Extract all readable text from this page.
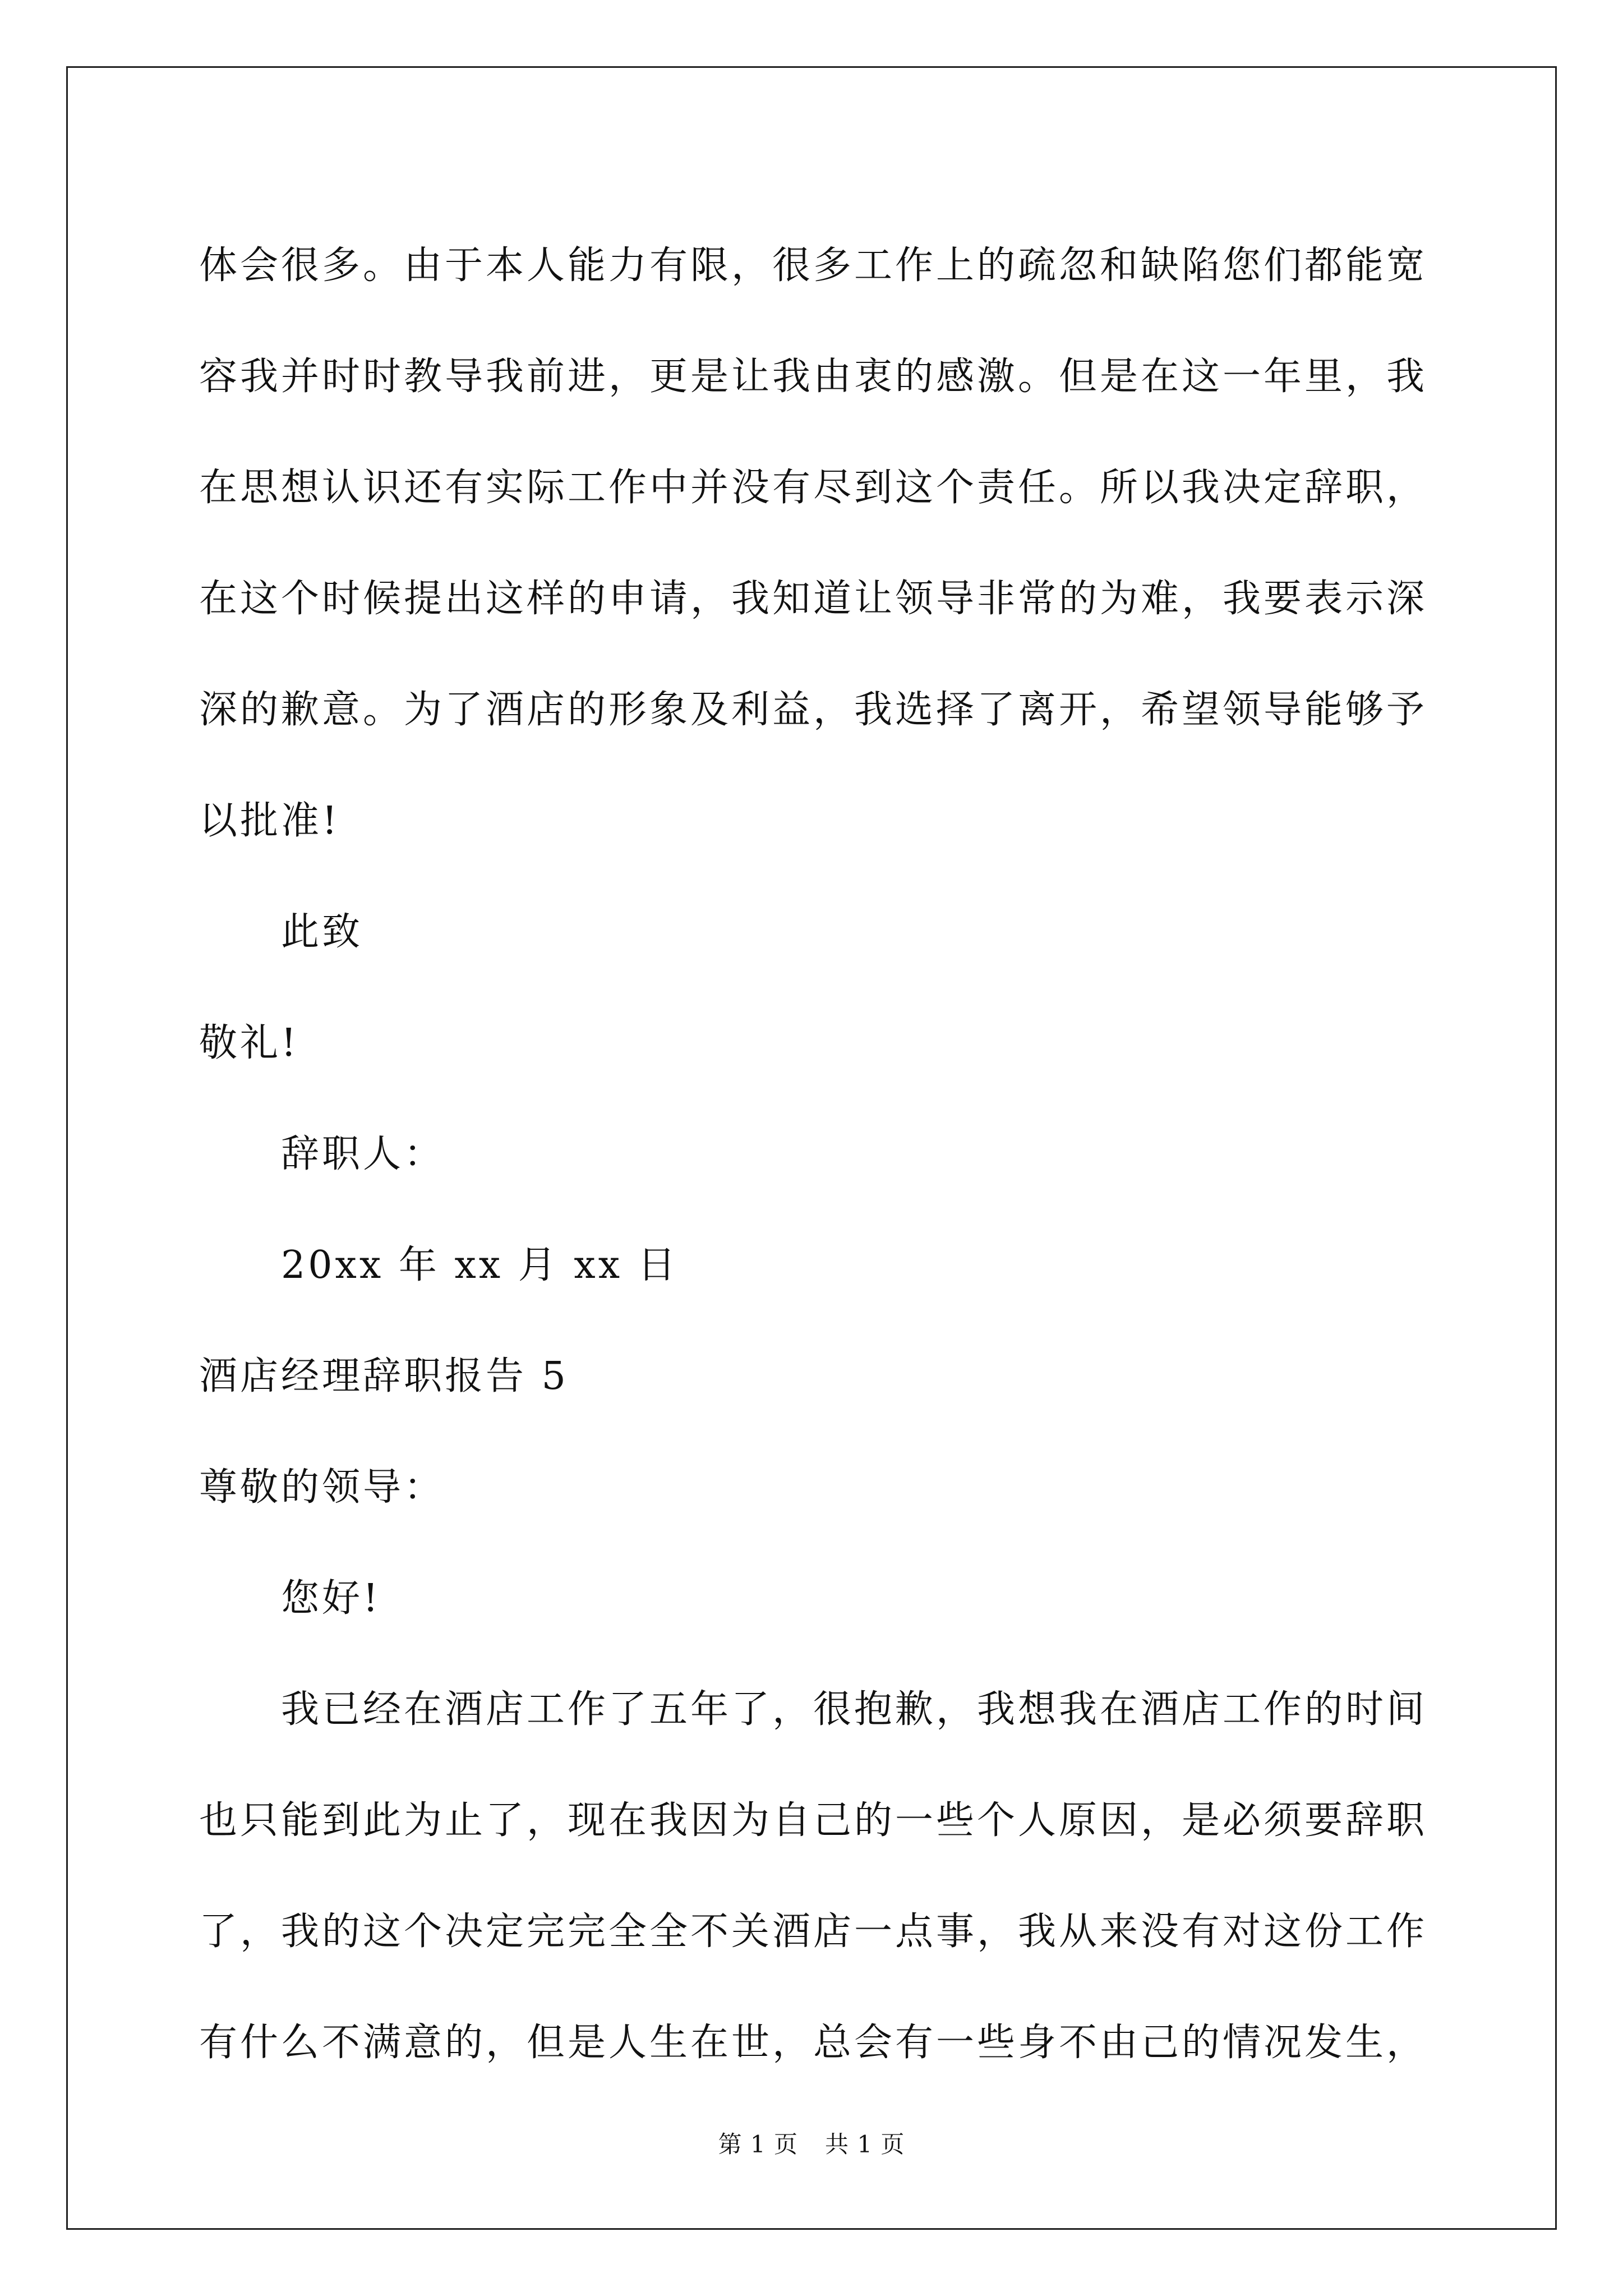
体会很多。由于本人能力有限，很多工作上的疏忽和缺陷您们都能宽
容我并时时教导我前进，更是让我由衷的感激。但是在这一年里，我
在思想认识还有实际工作中并没有尽到这个责任。所以我决定辞职，
在这个时候提出这样的申请，我知道让领导非常的为难，我要表示深
深的歉意。为了酒店的形象及利益，我选择了离开，希望领导能够予
以批准!
此致
敬礼!
辞职人：
20xx 年 xx 月 xx 日
酒店经理辞职报告 5
尊敬的领导：
您好!
我已经在酒店工作了五年了，很抱歉，我想我在酒店工作的时间
也只能到此为止了，现在我因为自己的一些个人原因，是必须要辞职
了，我的这个决定完完全全不关酒店一点事，我从来没有对这份工作
有什么不满意的，但是人生在世，总会有一些身不由己的情况发生，
第 1 页 共 1 页
